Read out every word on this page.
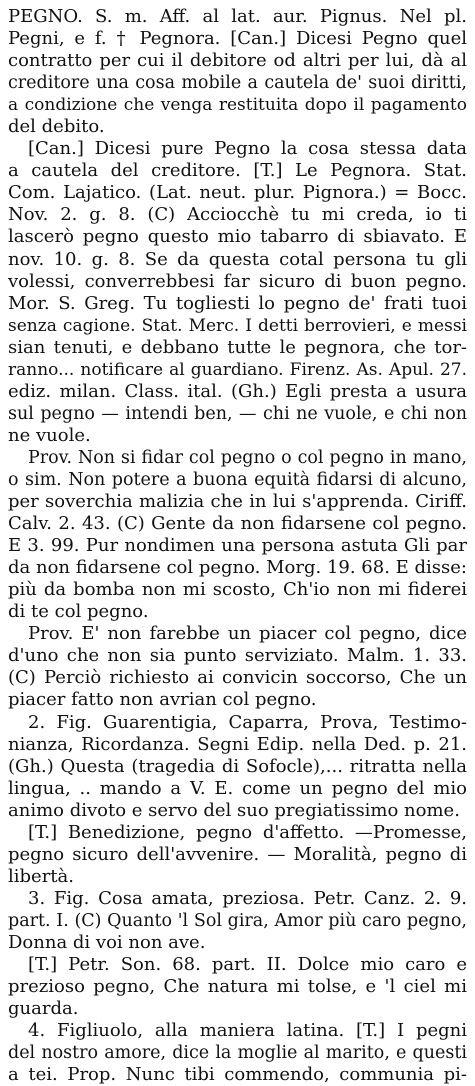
PEGNO. S. m. Aff. al lat. aur. Pignus. Nel pl.
Pegni, e f. † Pegnora. [Can.] Dicesi Pegno quel
contratto per cui il debitore od altri per lui, dà al
creditore una cosa mobile a cautela de' suoi diritti,
a condizione che venga restituita dopo il pagamento
del debito.
[Can.] Dicesi pure Pegno la cosa stessa data
a cautela del creditore. [T.] Le Pegnora. Stat.
Com. Lajatico. (Lat. neut. plur. Pignora.) = Bocc.
Nov. 2. g. 8. (C) Acciocchè tu mi creda, io ti
lascerò pegno questo mio tabarro di sbiavato. E
nov. 10. g. 8. Se da questa cotal persona tu gli
volessi, converrebbesi far sicuro di buon pegno.
Mor. S. Greg. Tu togliesti lo pegno de' frati tuoi
senza cagione. Stat. Merc. I detti berrovieri, e messi
sian tenuti, e debbano tutte le pegnora, che tor-
ranno... notificare al guardiano. Firenz. As. Apul. 27.
ediz. milan. Class. ital. (Gh.) Egli presta a usura
sul pegno — intendi ben, — chi ne vuole, e chi non
ne vuole.
Prov. Non si fidar col pegno o col pegno in mano,
o sim. Non potere a buona equità fidarsi di alcuno,
per soverchia malizia che in lui s'apprenda. Ciriff.
Calv. 2. 43. (C) Gente da non fidarsene col pegno.
E 3. 99. Pur nondimen una persona astuta Gli par
da non fidarsene col pegno. Morg. 19. 68. E disse:
più da bomba non mi scosto, Ch'io non mi fiderei
di te col pegno.
Prov. E' non farebbe un piacer col pegno, dice
d'uno che non sia punto serviziato. Malm. 1. 33.
(C) Perciò richiesto ai convicin soccorso, Che un
piacer fatto non avrian col pegno.
2. Fig. Guarentigia, Caparra, Prova, Testimo-
nianza, Ricordanza. Segni Edip. nella Ded. p. 21.
(Gh.) Questa (tragedia di Sofocle),... ritratta nella
lingua, .. mando a V. E. come un pegno del mio
animo divoto e servo del suo pregiatissimo nome.
[T.] Benedizione, pegno d'affetto. —Promesse,
pegno sicuro dell'avvenire. — Moralità, pegno di
libertà.
3. Fig. Cosa amata, preziosa. Petr. Canz. 2. 9.
part. I. (C) Quanto 'l Sol gira, Amor più caro pegno,
Donna di voi non ave.
[T.] Petr. Son. 68. part. II. Dolce mio caro e
prezioso pegno, Che natura mi tolse, e 'l ciel mi
guarda.
4. Figliuolo, alla maniera latina. [T.] I pegni
del nostro amore, dice la moglie al marito, e questi
a tei. Prop. Nunc tibi commendo, communia pi-
